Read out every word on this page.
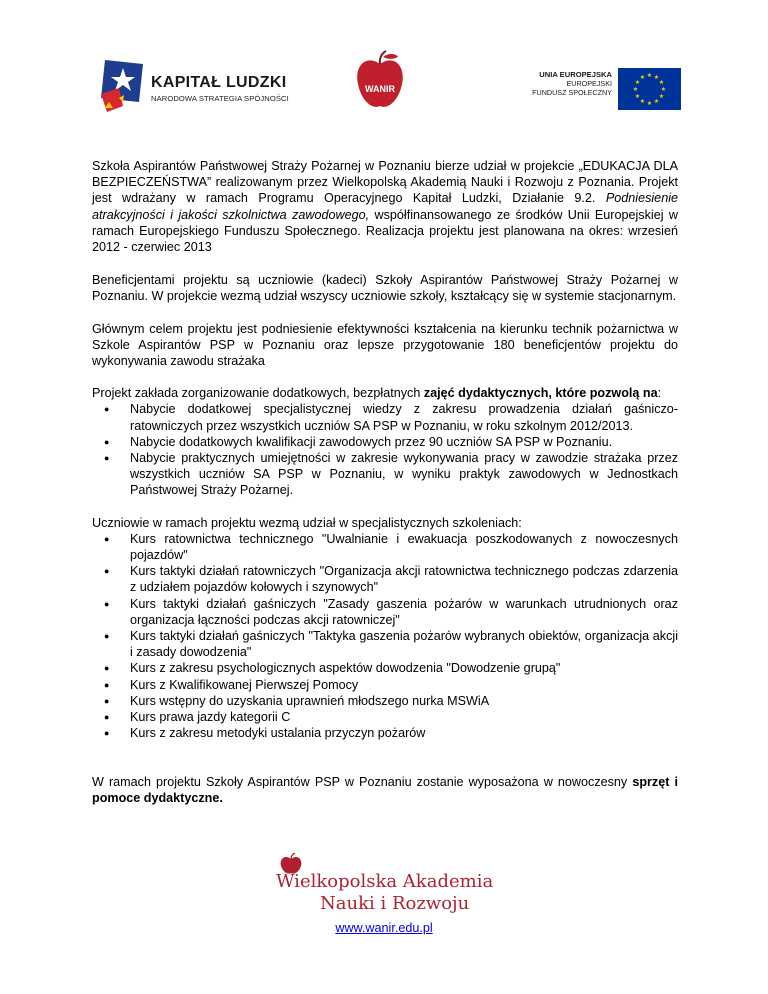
KAPITAŁ LUDZKI
NARODOWA STRATEGIA SPÓJNOŚCI
WANIR
UNIA EUROPEJSKA
EUROPEJSKI
FUNDUSZ SPOŁECZNY
★ ★
★
★
★
★
★
★
★
★
★
★

Szkoła Aspirantów Państwowej Straży Pożarnej w Poznaniu bierze udział w projekcie „EDUKACJA DLA BEZPIECZEŃSTWA” realizowanym przez Wielkopolską Akademią Nauki i Rozwoju z Poznania. Projekt jest wdrażany w ramach Programu Operacyjnego Kapitał Ludzki, Działanie 9.2. Podniesienie atrakcyjności i jakości szkolnictwa zawodowego, współfinansowanego ze środków Unii Europejskiej w ramach Europejskiego Funduszu Społecznego. Realizacja projektu jest planowana na okres: wrzesień 2012 - czerwiec 2013

Beneficjentami projektu są uczniowie (kadeci) Szkoły Aspirantów Państwowej Straży Pożarnej w Poznaniu. W projekcie wezmą udział wszyscy uczniowie szkoły, kształcący się w systemie stacjonarnym.

Głównym celem projektu jest podniesienie efektywności kształcenia na kierunku technik pożarnictwa w Szkole Aspirantów PSP w Poznaniu oraz lepsze przygotowanie 180 beneficjentów projektu do wykonywania zawodu strażaka

Projekt zakłada zorganizowanie dodatkowych, bezpłatnych zajęć dydaktycznych, które pozwolą na:

● Nabycie dodatkowej specjalistycznej wiedzy z zakresu prowadzenia działań gaśniczo-ratowniczych przez wszystkich uczniów SA PSP w Poznaniu, w roku szkolnym 2012/2013.
● Nabycie dodatkowych kwalifikacji zawodowych przez 90 uczniów SA PSP w Poznaniu.
● Nabycie praktycznych umiejętności w zakresie wykonywania pracy w zawodzie strażaka przez wszystkich uczniów SA PSP w Poznaniu, w wyniku praktyk zawodowych w Jednostkach Państwowej Straży Pożarnej.

Uczniowie w ramach projektu wezmą udział w specjalistycznych szkoleniach:

● Kurs ratownictwa technicznego "Uwalnianie i ewakuacja poszkodowanych z nowoczesnych pojazdów"
● Kurs taktyki działań ratowniczych "Organizacja akcji ratownictwa technicznego podczas zdarzenia z udziałem pojazdów kołowych i szynowych"
● Kurs taktyki działań gaśniczych "Zasady gaszenia pożarów w warunkach utrudnionych oraz organizacja łączności podczas akcji ratowniczej"
● Kurs taktyki działań gaśniczych "Taktyka gaszenia pożarów wybranych obiektów, organizacja akcji i zasady dowodzenia"
● Kurs z zakresu psychologicznych aspektów dowodzenia "Dowodzenie grupą"
● Kurs z Kwalifikowanej Pierwszej Pomocy
● Kurs wstępny do uzyskania uprawnień młodszego nurka MSWiA
● Kurs prawa jazdy kategorii C
● Kurs z zakresu metodyki ustalania przyczyn pożarów

W ramach projektu Szkoły Aspirantów PSP w Poznaniu zostanie wyposażona w nowoczesny sprzęt i pomoce dydaktyczne.

Wielkopolska Akademia
Nauki i Rozwoju
www.wanir.edu.pl
